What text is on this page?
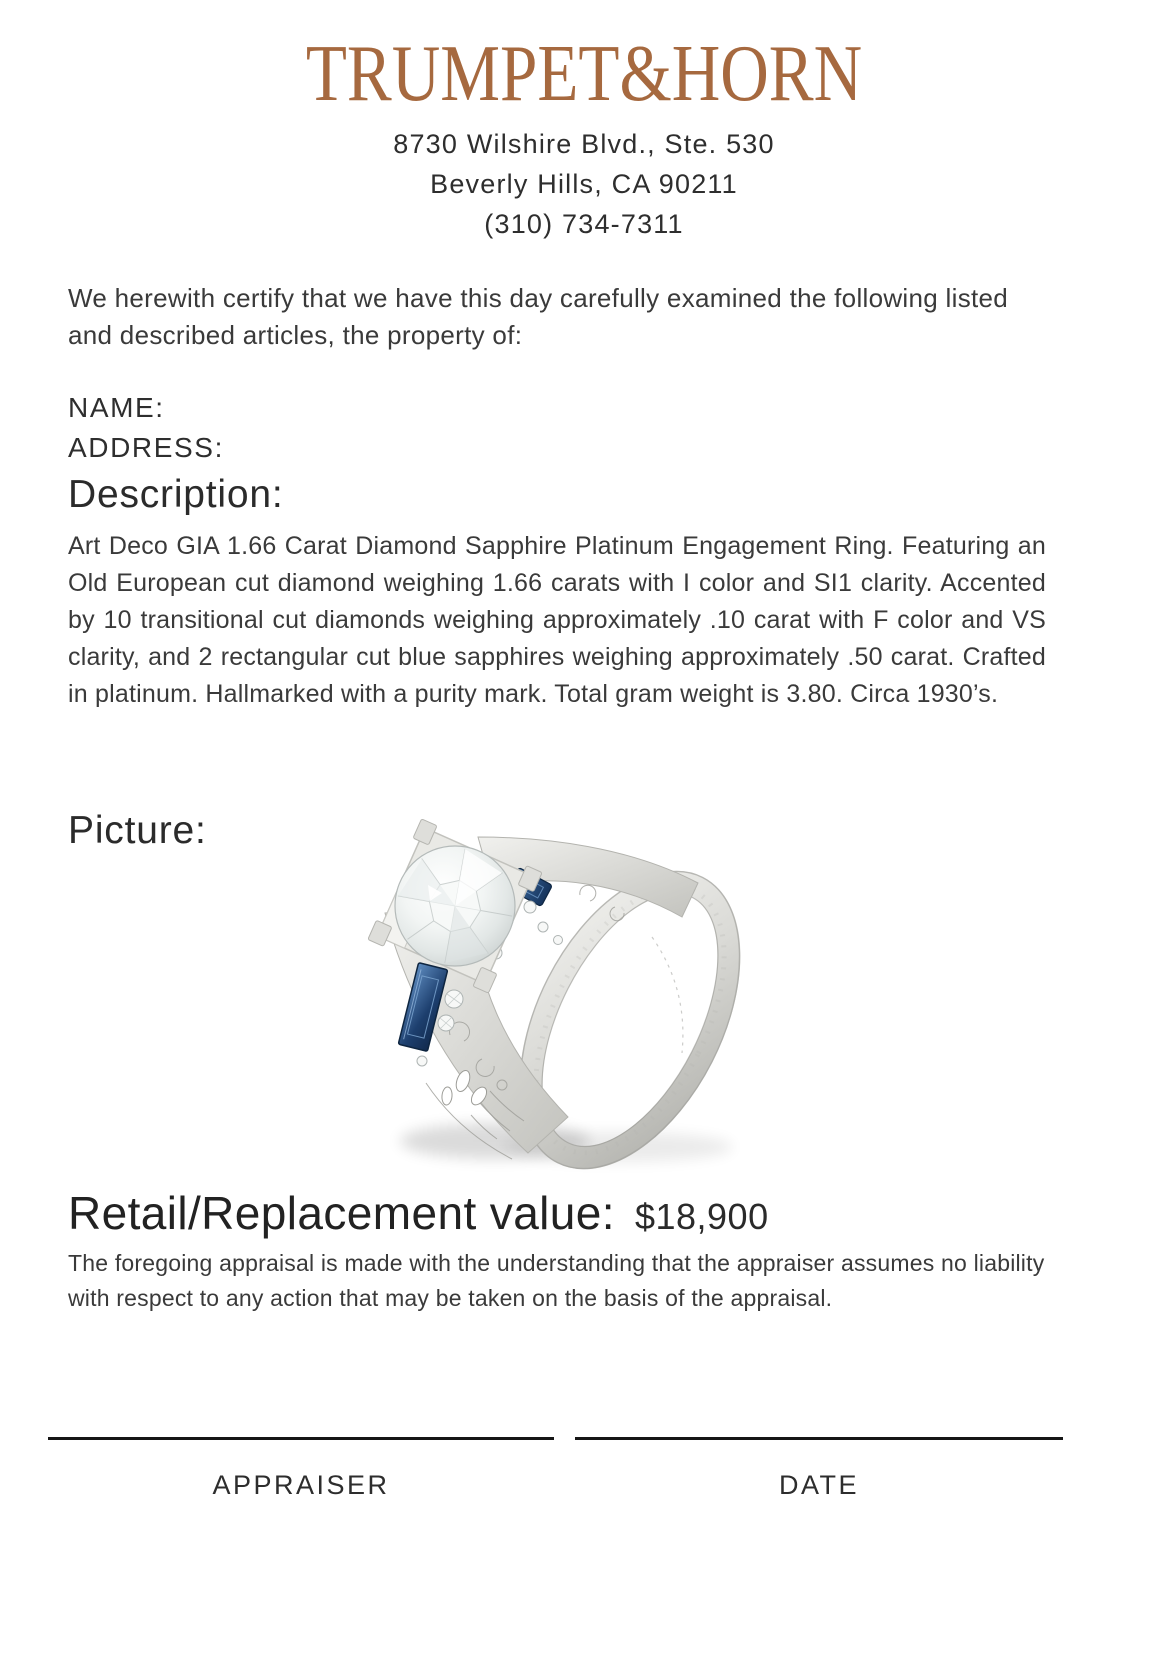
TRUMPET&HORN
8730 Wilshire Blvd., Ste. 530
Beverly Hills, CA 90211
(310) 734-7311

We herewith certify that we have this day carefully examined the following listed and described articles, the property of:

NAME:
ADDRESS:
Description:

Art Deco GIA 1.66 Carat Diamond Sapphire Platinum Engagement Ring. Featuring an Old European cut diamond weighing 1.66 carats with I color and SI1 clarity. Accented by 10 transitional cut diamonds weighing approximately .10 carat with F color and VS clarity, and 2 rectangular cut blue sapphires weighing approximately .50 carat. Crafted in platinum. Hallmarked with a purity mark. Total gram weight is 3.80. Circa 1930’s.

Picture:
Retail/Replacement value: $18,900

The foregoing appraisal is made with the understanding that the appraiser assumes no liability with respect to any action that may be taken on the basis of the appraisal.

APPRAISER	DATE
